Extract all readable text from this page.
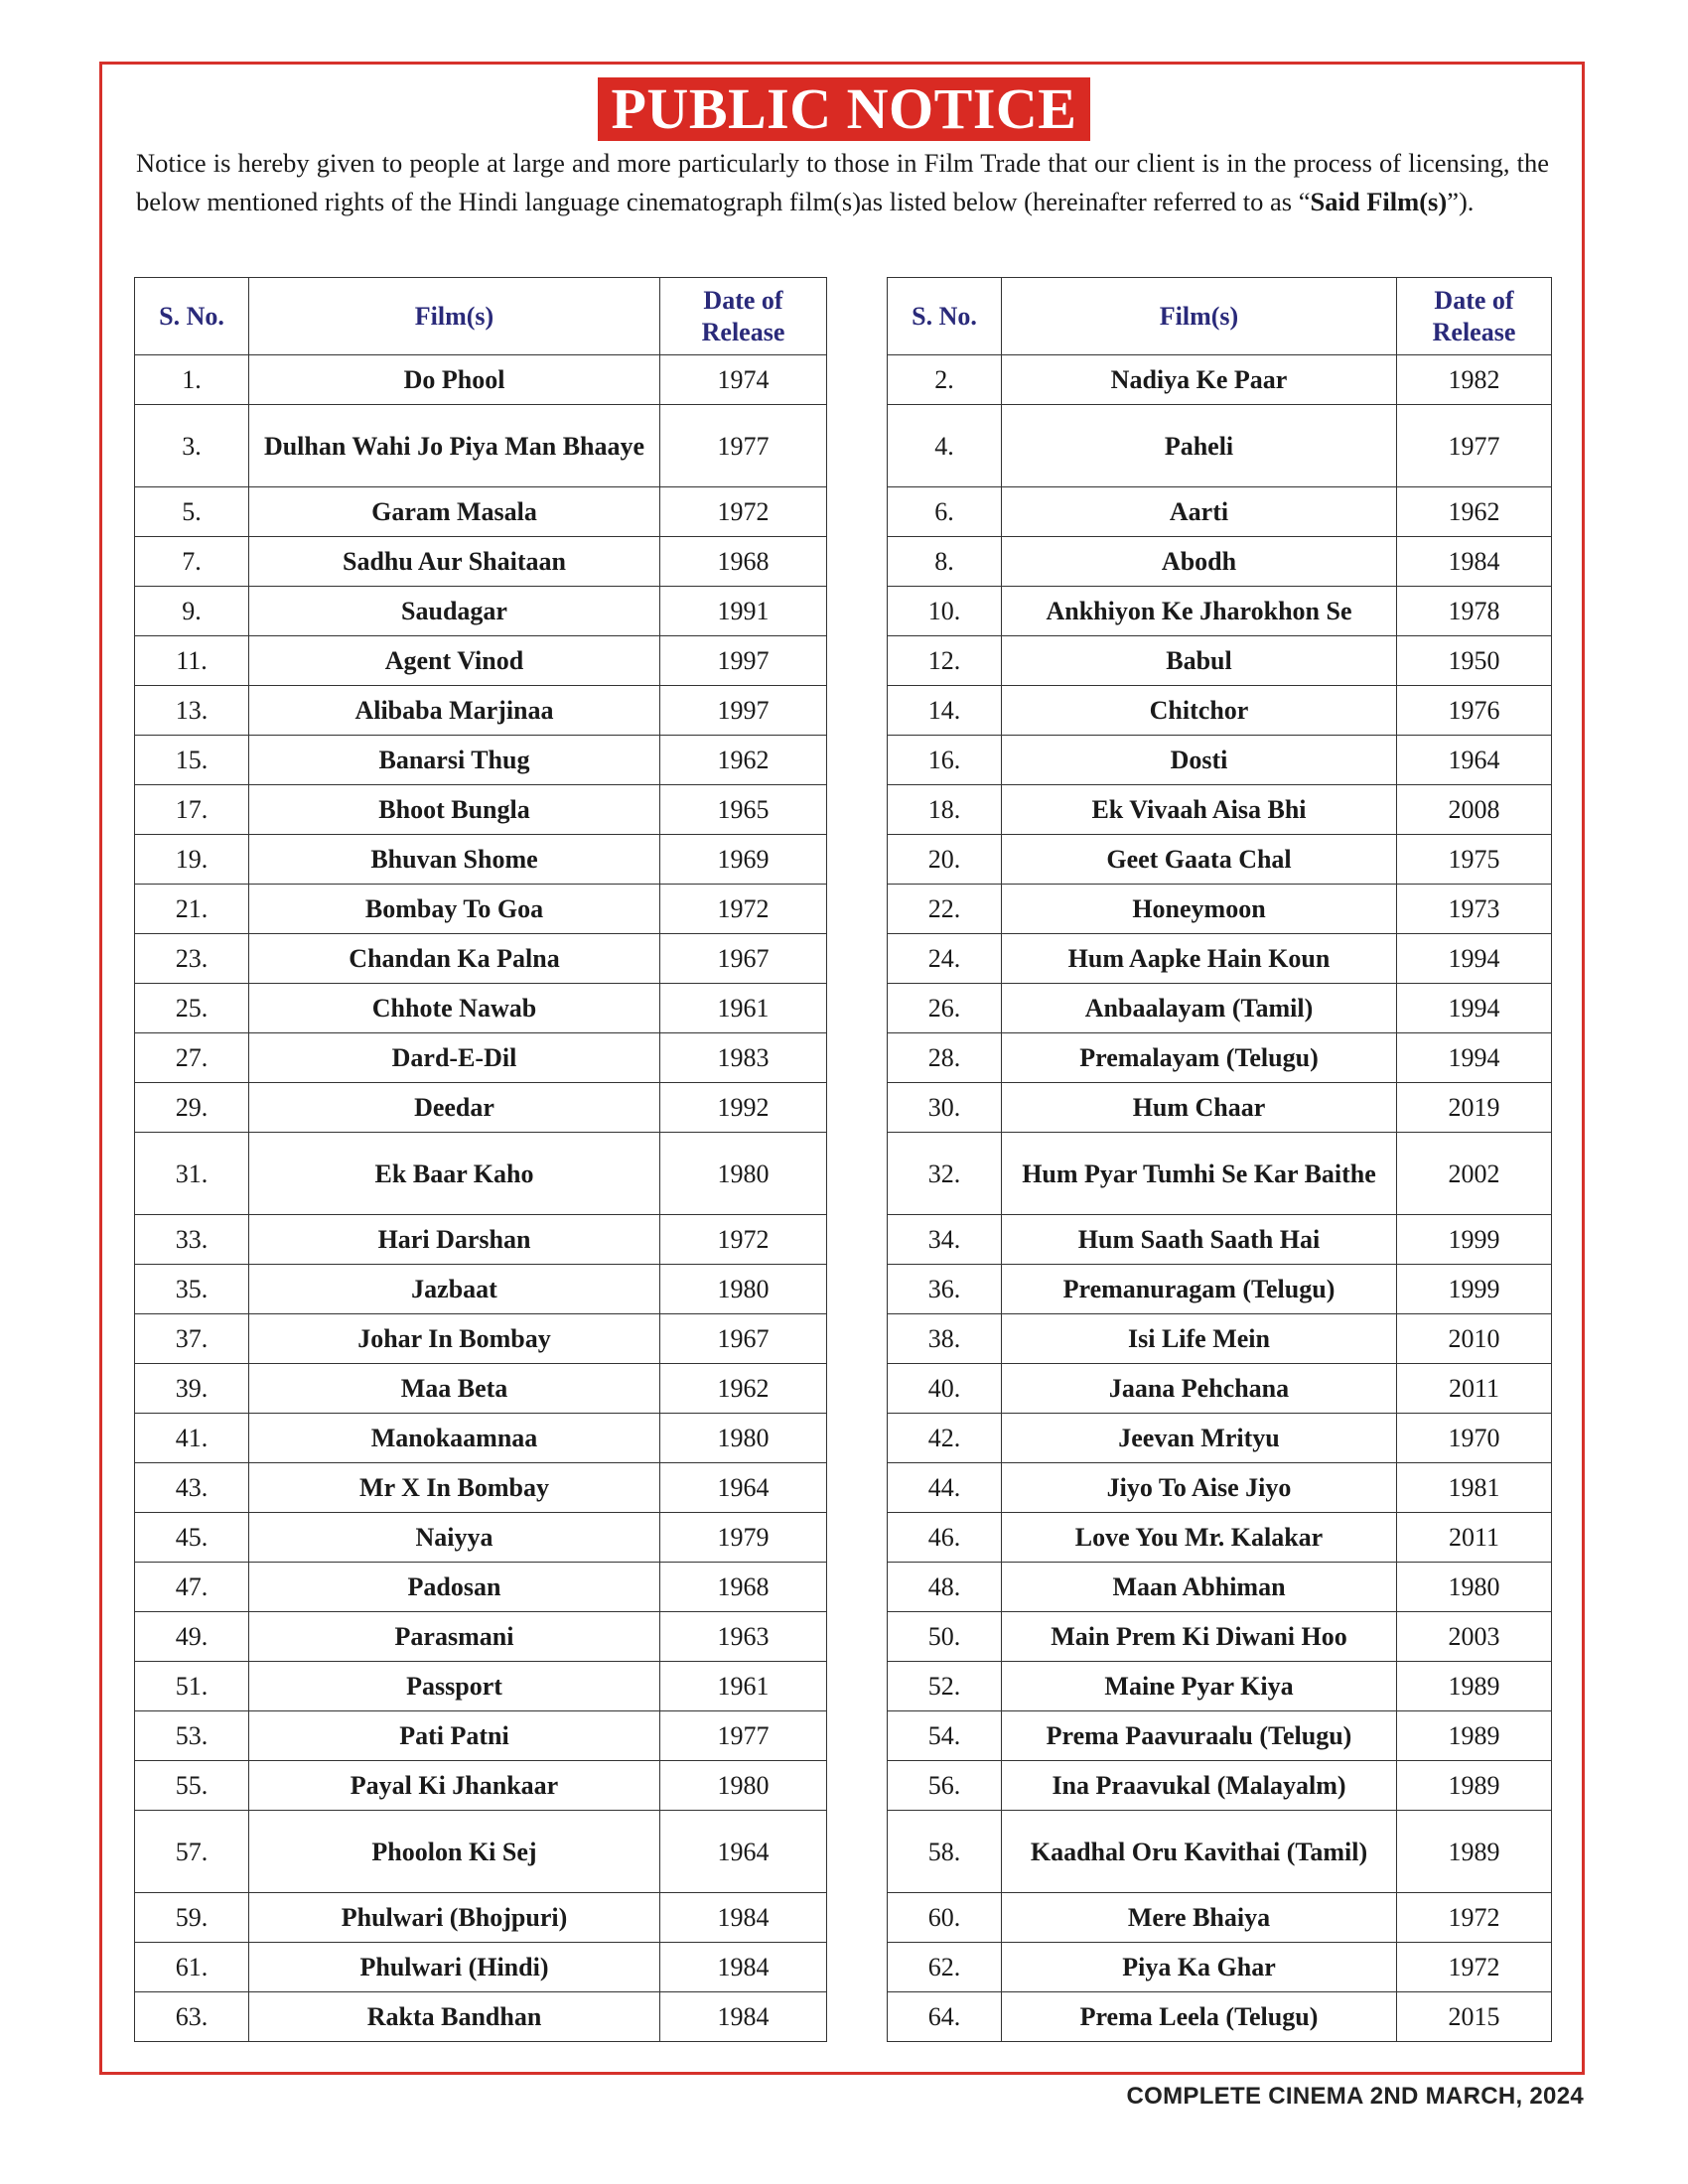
PUBLIC NOTICE
Notice is hereby given to people at large and more particularly to those in Film Trade that our client is in the process of licensing, the below mentioned rights of the Hindi language cinematograph film(s)as listed below (hereinafter referred to as “Said Film(s)”).
S. No.	Film(s)	Date of Release
1.	Do Phool	1974
3.	Dulhan Wahi Jo Piya Man Bhaaye	1977
5.	Garam Masala	1972
7.	Sadhu Aur Shaitaan	1968
9.	Saudagar	1991
11.	Agent Vinod	1997
13.	Alibaba Marjinaa	1997
15.	Banarsi Thug	1962
17.	Bhoot Bungla	1965
19.	Bhuvan Shome	1969
21.	Bombay To Goa	1972
23.	Chandan Ka Palna	1967
25.	Chhote Nawab	1961
27.	Dard-E-Dil	1983
29.	Deedar	1992
31.	Ek Baar Kaho	1980
33.	Hari Darshan	1972
35.	Jazbaat	1980
37.	Johar In Bombay	1967
39.	Maa Beta	1962
41.	Manokaamnaa	1980
43.	Mr X In Bombay	1964
45.	Naiyya	1979
47.	Padosan	1968
49.	Parasmani	1963
51.	Passport	1961
53.	Pati Patni	1977
55.	Payal Ki Jhankaar	1980
57.	Phoolon Ki Sej	1964
59.	Phulwari (Bhojpuri)	1984
61.	Phulwari (Hindi)	1984
63.	Rakta Bandhan	1984
S. No.	Film(s)	Date of Release
2.	Nadiya Ke Paar	1982
4.	Paheli	1977
6.	Aarti	1962
8.	Abodh	1984
10.	Ankhiyon Ke Jharokhon Se	1978
12.	Babul	1950
14.	Chitchor	1976
16.	Dosti	1964
18.	Ek Vivaah Aisa Bhi	2008
20.	Geet Gaata Chal	1975
22.	Honeymoon	1973
24.	Hum Aapke Hain Koun	1994
26.	Anbaalayam (Tamil)	1994
28.	Premalayam (Telugu)	1994
30.	Hum Chaar	2019
32.	Hum Pyar Tumhi Se Kar Baithe	2002
34.	Hum Saath Saath Hai	1999
36.	Premanuragam (Telugu)	1999
38.	Isi Life Mein	2010
40.	Jaana Pehchana	2011
42.	Jeevan Mrityu	1970
44.	Jiyo To Aise Jiyo	1981
46.	Love You Mr. Kalakar	2011
48.	Maan Abhiman	1980
50.	Main Prem Ki Diwani Hoo	2003
52.	Maine Pyar Kiya	1989
54.	Prema Paavuraalu (Telugu)	1989
56.	Ina Praavukal (Malayalm)	1989
58.	Kaadhal Oru Kavithai (Tamil)	1989
60.	Mere Bhaiya	1972
62.	Piya Ka Ghar	1972
64.	Prema Leela (Telugu)	2015
COMPLETE CINEMA 2ND MARCH, 2024
